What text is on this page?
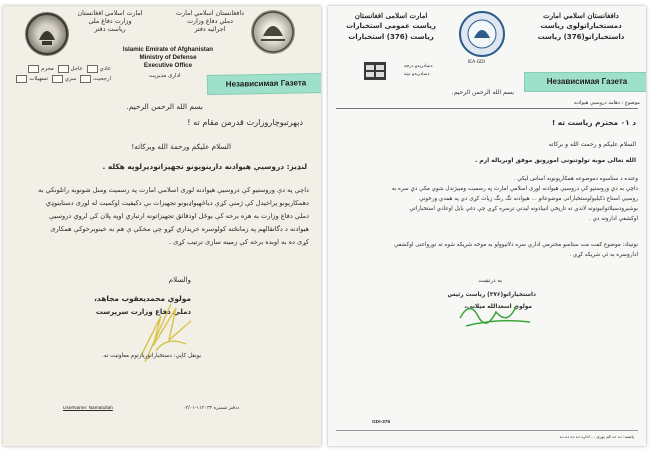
دافغانستان اسلامي امارت
دملي دفاع وزارت
اجرائيه دفتر
امارت اسلامی افغانستان
وزارت دفاع ملی
ریاست دفتر
Islamic Emirate of Afghanistan
Ministry of Defense
Executive Office
اداری مدیریت
عادي عاجل محرم
ارجحيت سري تسهيلات	Независимая Газета
بسم الله الرحمن الرحيم.
دېهرتبوچاروزارت قدرمن مقام ته !
السلام عليكم ورحمة الله وبركاته!
لنډيز: دروسيې هيوادنه دارينويونو تجهيزاتوديرلوپه هكله .
داچې په دې وروستيو كې دروسيې هيوادنه لورى اسلامي امارت په رسميت ومنل شونوبه راتلونكي به
دهمكاريونو پراخيدل كې ژمنې كړې دياڅهيواډيونو تجهيزات بې دكيفيت اوكميت له لورى دستاينوډي
دملي دفاع وزارت به هره برخه كې يوځل اودقائق تجهيزاتونه ارتباري اوپه پلان كې لروي دروسيې
هيوادنه د دگاتقالهم په زمانځته كولوسره خريداري كړو چې مخكې ې هم به خينوبرخوكې همكارى
كړى ده به اوبده برخه كې زمينه سازى ترتيب كړى .
والسلام
مولوي محمديعقوب مجاهد،
دملي دفاع وزارت سرپرست
يونقل كاپي: دستخباراتوريازتوم معاونيت ته.
UserName: Namatullah	ددفتر شميره ۱۱۲۰۳۳-۰۲/۰۱
امارت اسلامی افغانستان
ریاست عمومی استخبارات
ریاست (376) استخبارات
IEA-GDI
دافغانستان اسلامي امارت
دمستخباراتولوی رياست
داستخباراتو(376) رياست
دصادریدو درجه
دصادریدو نيټه
Независимая Газета
بسم الله الرحمن الرحيم.
موضوع : دهامد دروسيې هيوادنه
د ۰۱ محترم رياست ته !
السلام عليكم و رحمت الله و بركاته
الله تعالى موبه تولوتنونی امورونق موفق اوبرياله ارم .
وعنده د ستاسوه دموضوعه همكاريونوبه اساس ليكي .
داچې به دې وروستيو كې دروسيې هيوادنه لورى اسلامي امارت په رسميت ومبيژندل شوي مكي دې سره به
روسيې اسناع ذكيليولوستخباراتى موضوعاتو ... هيوادنه نگ رنگ زيات كړى دي په همدي ورخونې
بوشيرودسيلاتوانيونوته لاندي ته تاريخي انبيادونه ليدنې ترسره كړي چې دغې بايل اوعادي استخباراتي
اوكشفي اداروته دي .
نوتيناد: موضوع كمت مت ستاسو محترمي اداري سره دلاتيوولو به موخه شريكه شوه ته نورواعنى اوكشفي
اداروسره به ئې شريكه كړي .
به درنښت
داستخباراتو(۳۷۶) رياست رئيس
مولوي اسعدالله ميلاني،
GDI-376
پاشنه: ده ده كم نورى ... اداره ده ده ده ده
